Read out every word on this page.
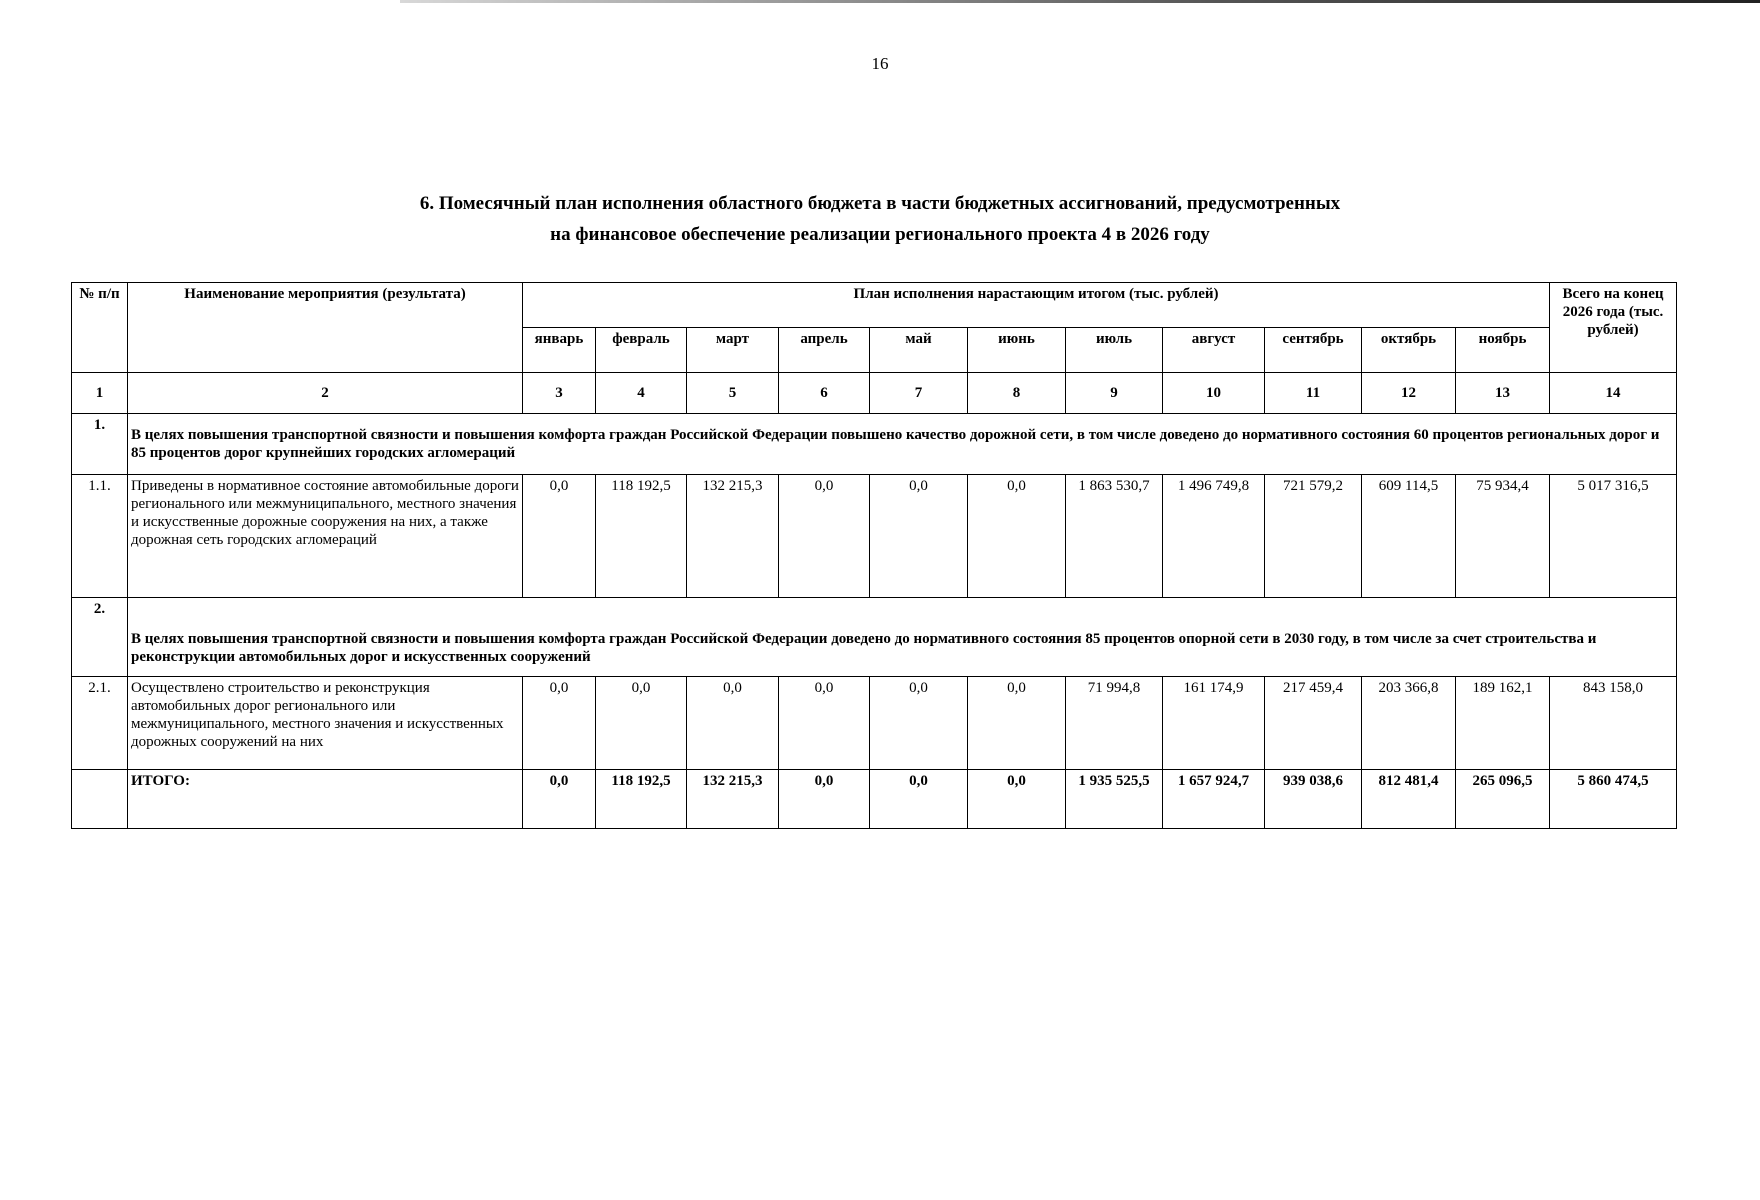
16
6. Помесячный план исполнения областного бюджета в части бюджетных ассигнований, предусмотренных
на финансовое обеспечение реализации регионального проекта 4 в 2026 году
№ п/п	Наименование мероприятия (результата)	План исполнения нарастающим итогом (тыс. рублей)											Всего на конец 2026 года (тыс. рублей)
		январь	февраль	март	апрель	май	июнь	июль	август	сентябрь	октябрь	ноябрь	
1	2	3	4	5	6	7	8	9	10	11	12	13	14
1.	В целях повышения транспортной связности и повышения комфорта граждан Российской Федерации повышено качество дорожной сети, в том числе доведено до нормативного состояния 60 процентов региональных дорог и 85 процентов дорог крупнейших городских агломераций												
1.1.	Приведены в нормативное состояние автомобильные дороги регионального или межмуниципального, местного значения и искусственные дорожные сооружения на них, а также дорожная сеть городских агломераций	0,0	118 192,5	132 215,3	0,0	0,0	0,0	1 863 530,7	1 496 749,8	721 579,2	609 114,5	75 934,4	5 017 316,5
2.	В целях повышения транспортной связности и повышения комфорта граждан Российской Федерации доведено до нормативного состояния 85 процентов опорной сети в 2030 году, в том числе за счет строительства и реконструкции автомобильных дорог и искусственных сооружений												
2.1.	Осуществлено строительство и реконструкция автомобильных дорог регионального или межмуниципального, местного значения и искусственных дорожных сооружений на них	0,0	0,0	0,0	0,0	0,0	0,0	71 994,8	161 174,9	217 459,4	203 366,8	189 162,1	843 158,0
	ИТОГО:	0,0	118 192,5	132 215,3	0,0	0,0	0,0	1 935 525,5	1 657 924,7	939 038,6	812 481,4	265 096,5	5 860 474,5
